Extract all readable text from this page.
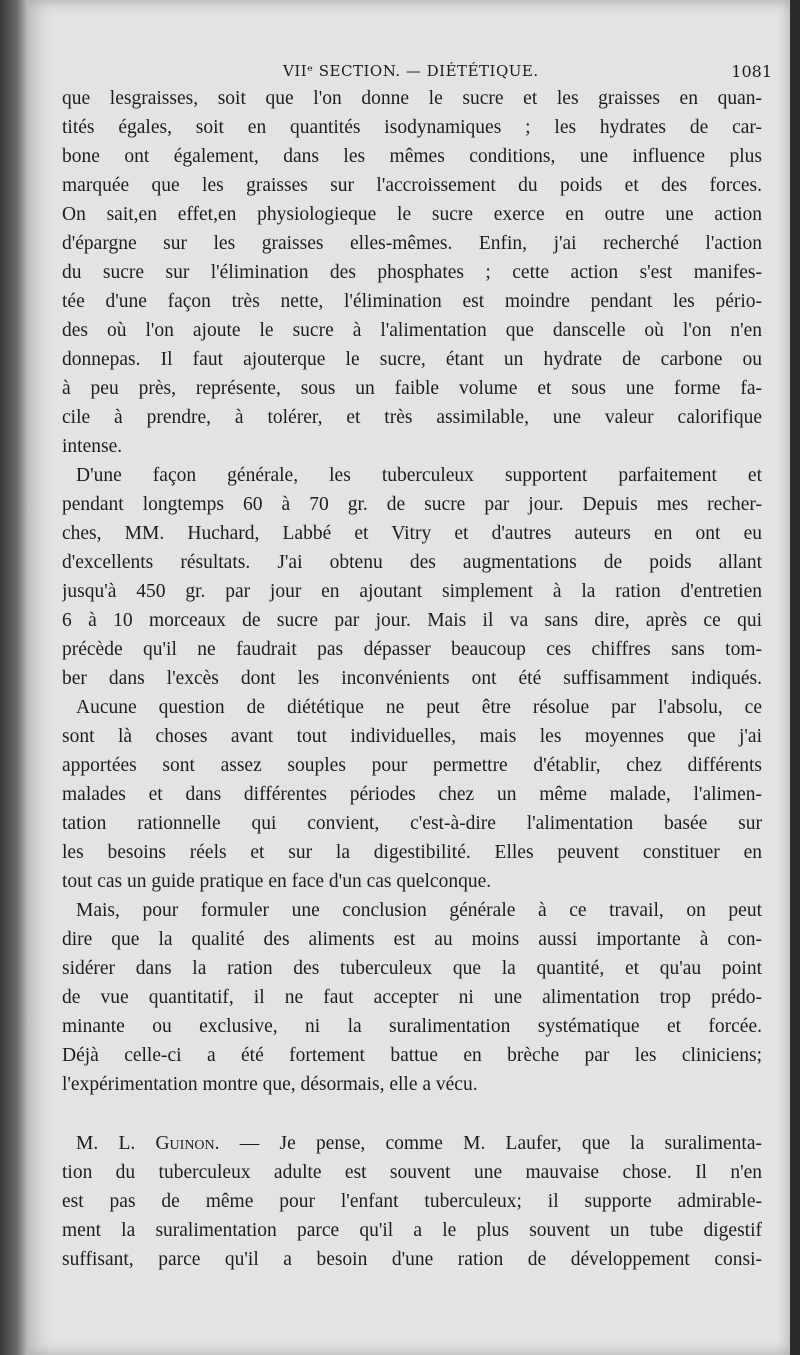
VIIᵉ SECTION. — DIÉTÉTIQUE.	1081
que lesgraisses, soit que l'on donne le sucre et les graisses en quan-
tités égales, soit en quantités isodynamiques ; les hydrates de car-
bone ont également, dans les mêmes conditions, une influence plus
marquée que les graisses sur l'accroissement du poids et des forces.
On sait,en effet,en physiologieque le sucre exerce en outre une action
d'épargne sur les graisses elles-mêmes. Enfin, j'ai recherché l'action
du sucre sur l'élimination des phosphates ; cette action s'est manifes-
tée d'une façon très nette, l'élimination est moindre pendant les pério-
des où l'on ajoute le sucre à l'alimentation que danscelle où l'on n'en
donnepas. Il faut ajouterque le sucre, étant un hydrate de carbone ou
à peu près, représente, sous un faible volume et sous une forme fa-
cile à prendre, à tolérer, et très assimilable, une valeur calorifique
intense.
D'une façon générale, les tuberculeux supportent parfaitement et
pendant longtemps 60 à 70 gr. de sucre par jour. Depuis mes recher-
ches, MM. Huchard, Labbé et Vitry et d'autres auteurs en ont eu
d'excellents résultats. J'ai obtenu des augmentations de poids allant
jusqu'à 450 gr. par jour en ajoutant simplement à la ration d'entretien
6 à 10 morceaux de sucre par jour. Mais il va sans dire, après ce qui
précède qu'il ne faudrait pas dépasser beaucoup ces chiffres sans tom-
ber dans l'excès dont les inconvénients ont été suffisamment indiqués.
Aucune question de diététique ne peut être résolue par l'absolu, ce
sont là choses avant tout individuelles, mais les moyennes que j'ai
apportées sont assez souples pour permettre d'établir, chez différents
malades et dans différentes périodes chez un même malade, l'alimen-
tation rationnelle qui convient, c'est-à-dire l'alimentation basée sur
les besoins réels et sur la digestibilité. Elles peuvent constituer en
tout cas un guide pratique en face d'un cas quelconque.
Mais, pour formuler une conclusion générale à ce travail, on peut
dire que la qualité des aliments est au moins aussi importante à con-
sidérer dans la ration des tuberculeux que la quantité, et qu'au point
de vue quantitatif, il ne faut accepter ni une alimentation trop prédo-
minante ou exclusive, ni la suralimentation systématique et forcée.
Déjà celle-ci a été fortement battue en brèche par les cliniciens;
l'expérimentation montre que, désormais, elle a vécu.
M. L. Guinon. — Je pense, comme M. Laufer, que la suralimenta-
tion du tuberculeux adulte est souvent une mauvaise chose. Il n'en
est pas de même pour l'enfant tuberculeux; il supporte admirable-
ment la suralimentation parce qu'il a le plus souvent un tube digestif
suffisant, parce qu'il a besoin d'une ration de développement consi-
